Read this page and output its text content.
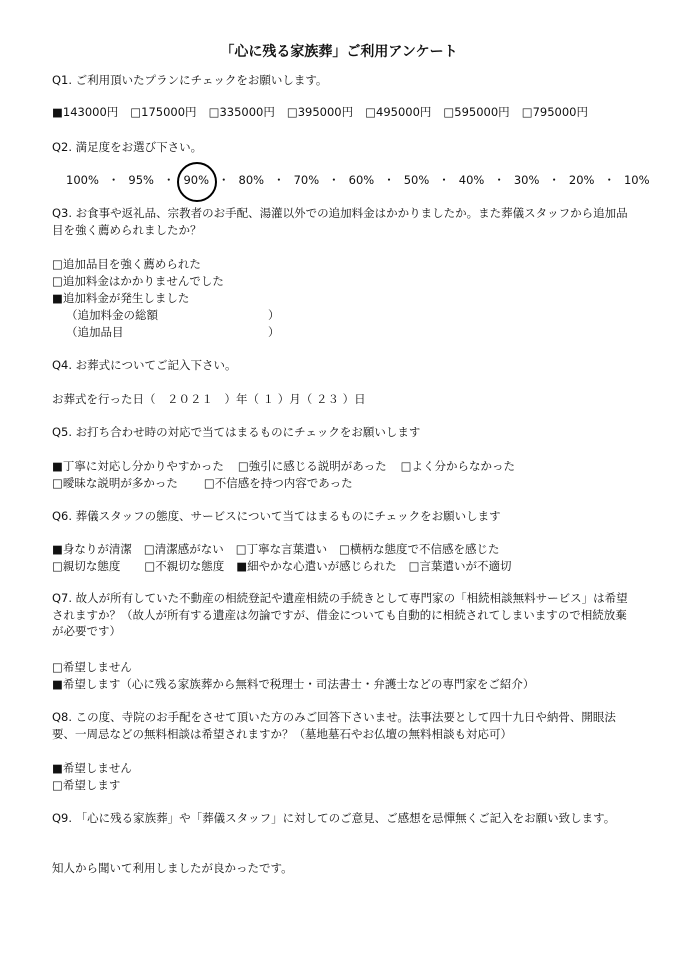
「心に残る家族葬」ご利用アンケート
Q1. ご利用頂いたプランにチェックをお願いします。
■ 143000円 □ 175000円 □ 335000円 □ 395000円 □ 495000円 □ 595000円 □ 795000円
Q2. 満足度をお選び下さい。
100% ・ 95% ・ 90% ・ 80% ・ 70% ・ 60% ・ 50% ・ 40% ・ 30% ・ 20% ・ 10%
Q3. お食事や返礼品、宗教者のお手配、湯灌以外での追加料金はかかりましたか。また葬儀スタッフから追加品目を強く薦められましたか？
□追加品目を強く薦められた
□追加料金はかかりませんでした
■追加料金が発生しました
（追加料金の総額	）
（追加品目	）
Q4. お葬式についてご記入下さい。
お葬式を行った日（　２０２１　）年（ １ ）月（ ２３ ）日
Q5. お打ち合わせ時の対応で当てはまるものにチェックをお願いします
■ 丁寧に対応し分かりやすかった □ 強引に感じる説明があった □ よく分からなかった
□ 曖昧な説明が多かった □ 不信感を持つ内容であった
Q6. 葬儀スタッフの態度、サービスについて当てはまるものにチェックをお願いします
■ 身なりが清潔 □ 清潔感がない □ 丁寧な言葉遣い □ 横柄な態度で不信感を感じた
□ 親切な態度 □ 不親切な態度 ■ 細やかな心遣いが感じられた □ 言葉遣いが不適切
Q7. 故人が所有していた不動産の相続登記や遺産相続の手続きとして専門家の「相続相談無料サービス」は希望されますか？（故人が所有する遺産は勿論ですが、借金についても自動的に相続されてしまいますので相続放棄が必要です）
□希望しません
■希望します（心に残る家族葬から無料で税理士・司法書士・弁護士などの専門家をご紹介）
Q8. この度、寺院のお手配をさせて頂いた方のみご回答下さいませ。法事法要として四十九日や納骨、開眼法要、一周忌などの無料相談は希望されますか？（墓地墓石やお仏壇の無料相談も対応可）
■希望しません
□希望します
Q9. 「心に残る家族葬」や「葬儀スタッフ」に対してのご意見、ご感想を忌憚無くご記入をお願い致します。
知人から聞いて利用しましたが良かったです。
